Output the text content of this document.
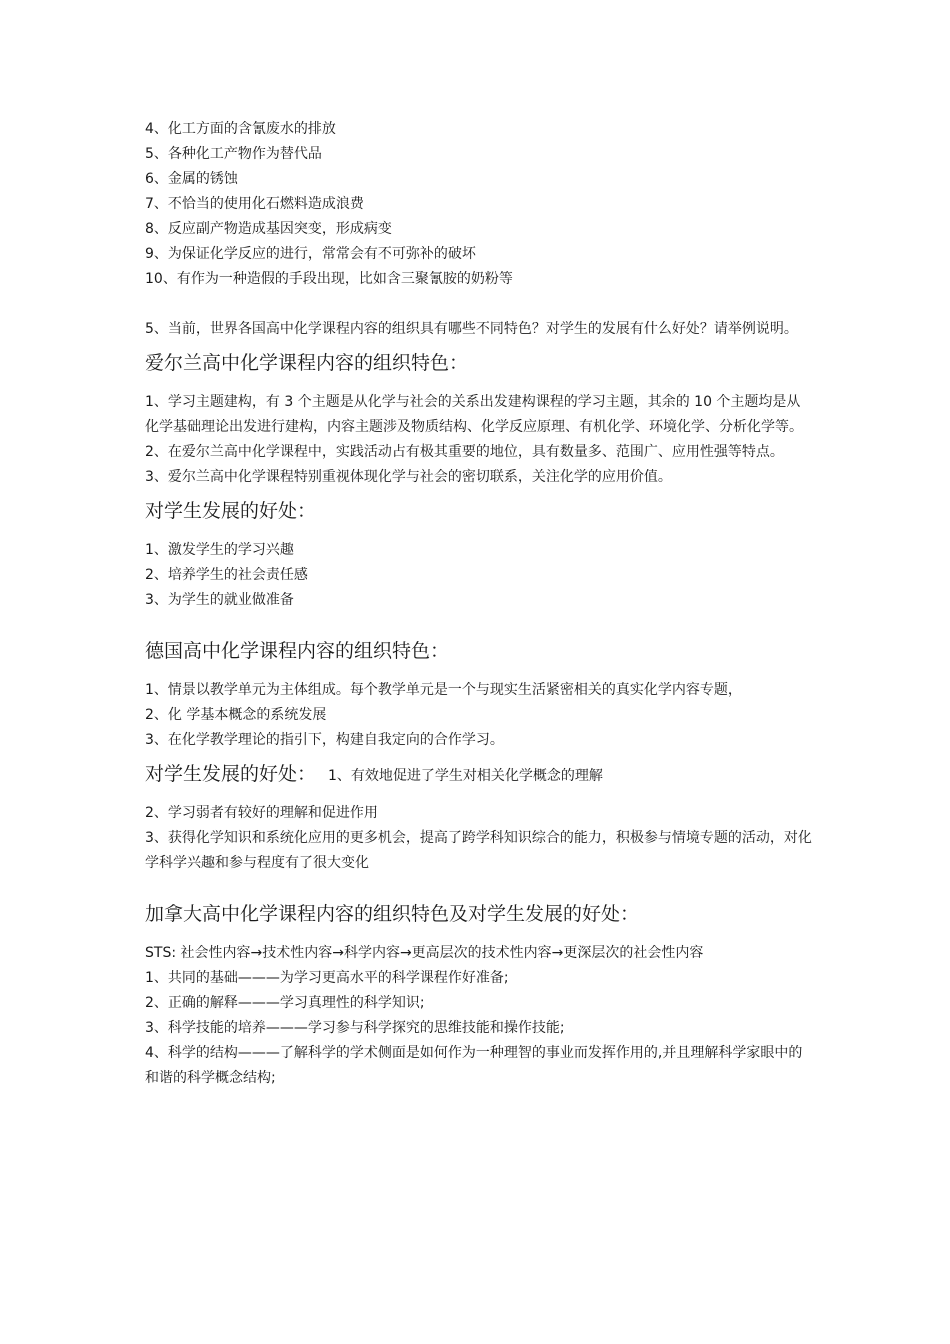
4、化工方面的含氰废水的排放
5、各种化工产物作为替代品
6、金属的锈蚀
7、不恰当的使用化石燃料造成浪费
8、反应副产物造成基因突变，形成病变
9、为保证化学反应的进行，常常会有不可弥补的破坏
10、有作为一种造假的手段出现，比如含三聚氰胺的奶粉等
5、当前，世界各国高中化学课程内容的组织具有哪些不同特色？对学生的发展有什么好处？请举例说明。
爱尔兰高中化学课程内容的组织特色：
1、学习主题建构，有 3 个主题是从化学与社会的关系出发建构课程的学习主题，其余的 10 个主题均是从化学基础理论出发进行建构，内容主题涉及物质结构、化学反应原理、有机化学、环境化学、分析化学等。
2、在爱尔兰高中化学课程中，实践活动占有极其重要的地位，具有数量多、范围广、应用性强等特点。
3、爱尔兰高中化学课程特别重视体现化学与社会的密切联系，关注化学的应用价值。
对学生发展的好处：
1、激发学生的学习兴趣
2、培养学生的社会责任感
3、为学生的就业做准备
德国高中化学课程内容的组织特色：
1、情景以教学单元为主体组成。每个教学单元是一个与现实生活紧密相关的真实化学内容专题，
2、化 学基本概念的系统发展
3、在化学教学理论的指引下，构建自我定向的合作学习。
对学生发展的好处： 1、有效地促进了学生对相关化学概念的理解
2、学习弱者有较好的理解和促进作用
3、获得化学知识和系统化应用的更多机会，提高了跨学科知识综合的能力，积极参与情境专题的活动，对化学科学兴趣和参与程度有了很大变化
加拿大高中化学课程内容的组织特色及对学生发展的好处：
STS: 社会性内容→技术性内容→科学内容→更高层次的技术性内容→更深层次的社会性内容
1、共同的基础———为学习更高水平的科学课程作好准备;
2、正确的解释———学习真理性的科学知识;
3、科学技能的培养———学习参与科学探究的思维技能和操作技能;
4、科学的结构———了解科学的学术侧面是如何作为一种理智的事业而发挥作用的,并且理解科学家眼中的和谐的科学概念结构;
